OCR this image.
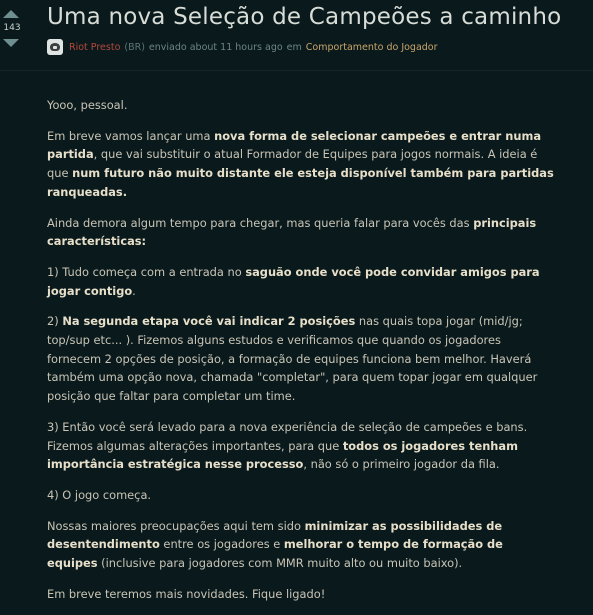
143 Uma nova Seleção de Campeões a caminho
Riot Presto (BR) enviado about 11 hours ago em Comportamento do Jogador

Yooo, pessoal.

Em breve vamos lançar uma nova forma de selecionar campeões e entrar numa partida, que vai substituir o atual Formador de Equipes para jogos normais. A ideia é que num futuro não muito distante ele esteja disponível também para partidas ranqueadas.

Ainda demora algum tempo para chegar, mas queria falar para vocês das principais características:

1) Tudo começa com a entrada no saguão onde você pode convidar amigos para jogar contigo.

2) Na segunda etapa você vai indicar 2 posições nas quais topa jogar (mid/jg; top/sup etc... ). Fizemos alguns estudos e verificamos que quando os jogadores fornecem 2 opções de posição, a formação de equipes funciona bem melhor. Haverá também uma opção nova, chamada "completar", para quem topar jogar em qualquer posição que faltar para completar um time.

3) Então você será levado para a nova experiência de seleção de campeões e bans. Fizemos algumas alterações importantes, para que todos os jogadores tenham importância estratégica nesse processo, não só o primeiro jogador da fila.

4) O jogo começa.

Nossas maiores preocupações aqui tem sido minimizar as possibilidades de desentendimento entre os jogadores e melhorar o tempo de formação de equipes (inclusive para jogadores com MMR muito alto ou muito baixo).

Em breve teremos mais novidades. Fique ligado!
